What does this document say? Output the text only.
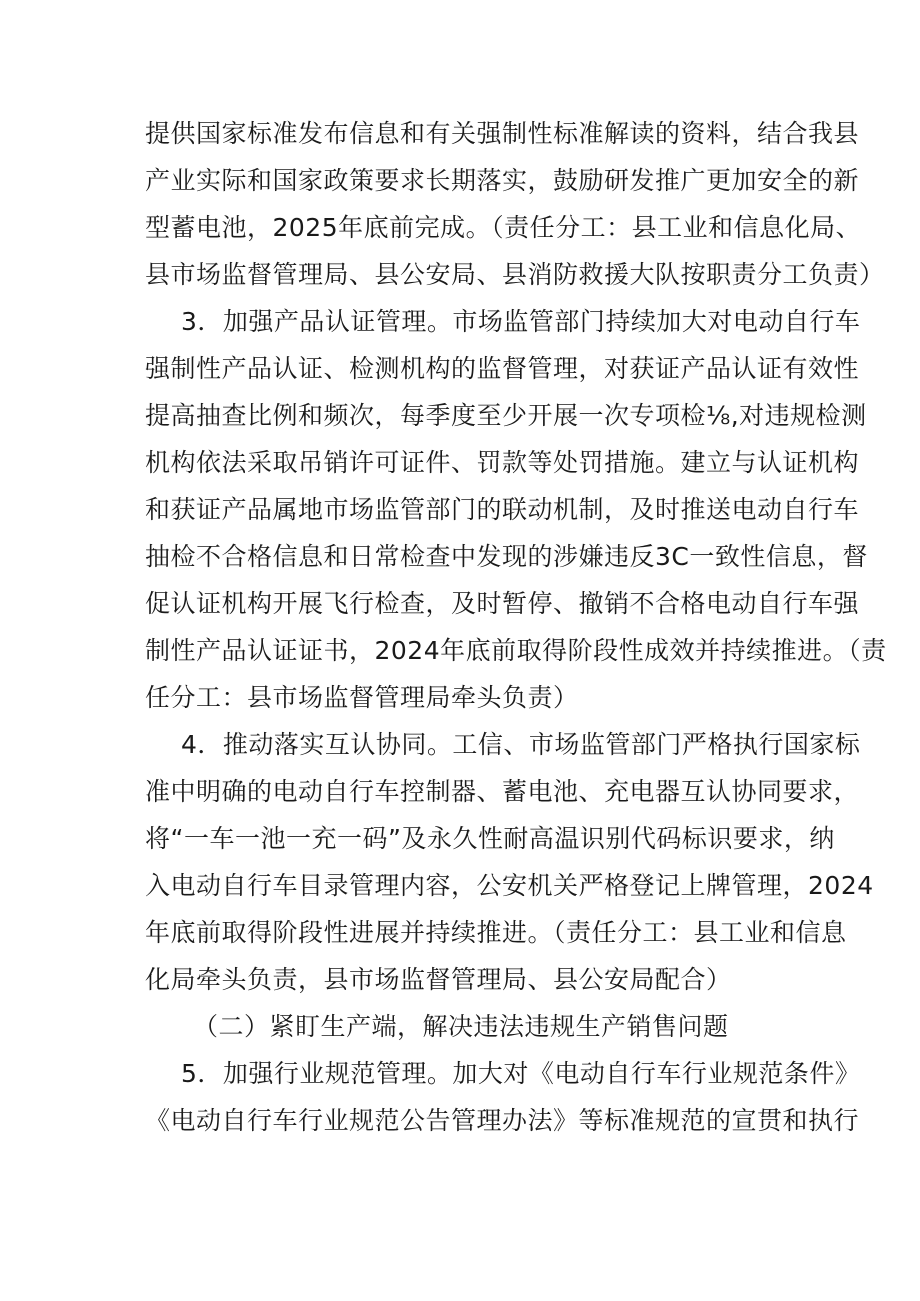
提供国家标准发布信息和有关强制性标准解读的资料，结合我县
产业实际和国家政策要求长期落实，鼓励研发推广更加安全的新
型蓄电池，2025年底前完成。（责任分工：县工业和信息化局、
县市场监督管理局、县公安局、县消防救援大队按职责分工负责）
3．加强产品认证管理。市场监管部门持续加大对电动自行车
强制性产品认证、检测机构的监督管理，对获证产品认证有效性
提高抽查比例和频次，每季度至少开展一次专项检⅛,对违规检测
机构依法采取吊销许可证件、罚款等处罚措施。建立与认证机构
和获证产品属地市场监管部门的联动机制，及时推送电动自行车
抽检不合格信息和日常检查中发现的涉嫌违反3C一致性信息，督
促认证机构开展飞行检查，及时暂停、撤销不合格电动自行车强
制性产品认证证书，2024年底前取得阶段性成效并持续推进。（责
任分工：县市场监督管理局牵头负责）
4．推动落实互认协同。工信、市场监管部门严格执行国家标
准中明确的电动自行车控制器、蓄电池、充电器互认协同要求，
将“一车一池一充一码”及永久性耐高温识别代码标识要求，纳
入电动自行车目录管理内容，公安机关严格登记上牌管理，2024
年底前取得阶段性进展并持续推进。（责任分工：县工业和信息
化局牵头负责，县市场监督管理局、县公安局配合）
（二）紧盯生产端，解决违法违规生产销售问题
5．加强行业规范管理。加大对《电动自行车行业规范条件》
《电动自行车行业规范公告管理办法》等标准规范的宣贯和执行
